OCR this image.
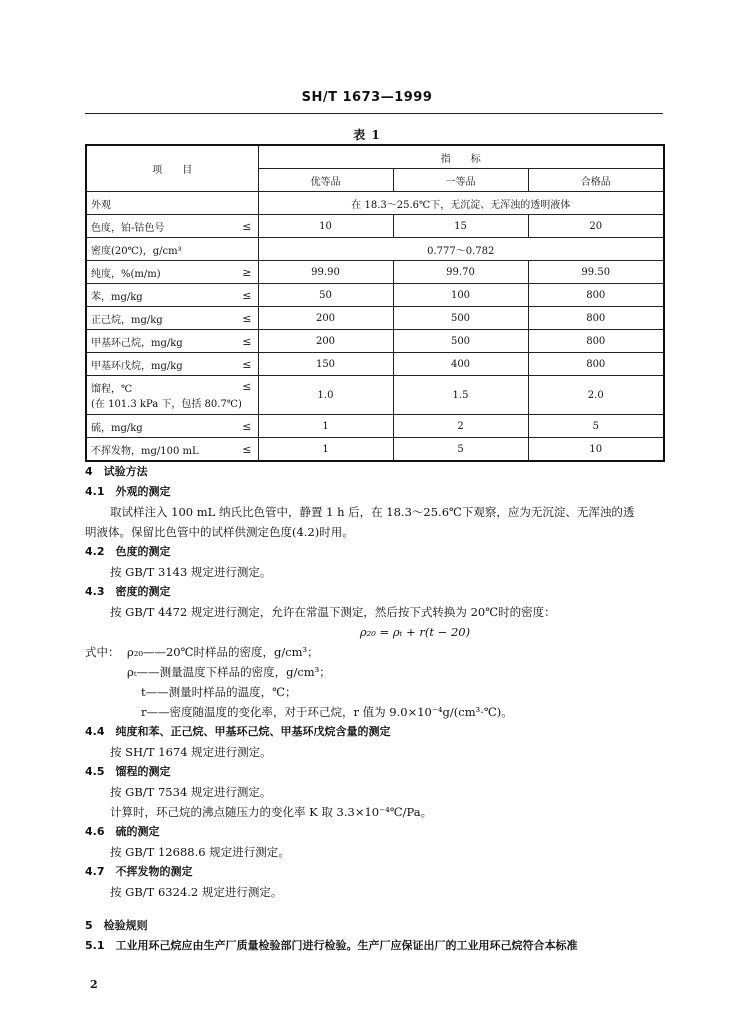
SH/T 1673—1999
表 1
项　　目	指　　标		
	优等品	一等品	合格品
外观	在 18.3～25.6℃下，无沉淀、无浑浊的透明液体		

色度，铂-钴色号 ≤	10	15	20
密度(20℃)，g/cm³	0.777～0.782		

纯度，%(m/m) ≥	99.90	99.70	99.50

苯，mg/kg ≤	50	100	800

正己烷，mg/kg ≤	200	500	800

甲基环己烷，mg/kg ≤	200	500	800

甲基环戊烷，mg/kg ≤	150	400	800

馏程，℃ ≤
(在 101.3 kPa 下，包括 80.7℃)	1.0	1.5	2.0

硫，mg/kg ≤	1	2	5

不挥发物，mg/100 mL ≤	1	5	10

4　试验方法

4.1　外观的测定

取试样注入 100 mL 纳氏比色管中，静置 1 h 后，在 18.3～25.6℃下观察，应为无沉淀、无浑浊的透

明液体。保留比色管中的试样供测定色度(4.2)时用。

4.2　色度的测定

按 GB/T 3143 规定进行测定。

4.3　密度的测定

按 GB/T 4472 规定进行测定，允许在常温下测定，然后按下式转换为 20℃时的密度：

ρ₂₀ = ρₜ + r(t − 20)

式中： ρ₂₀——20℃时样品的密度，g/cm³；
ρₜ——测量温度下样品的密度，g/cm³；
t——测量时样品的温度，℃；
r——密度随温度的变化率，对于环己烷，r 值为 9.0×10⁻⁴g/(cm³·℃)。

4.4　纯度和苯、正己烷、甲基环己烷、甲基环戊烷含量的测定

按 SH/T 1674 规定进行测定。

4.5　馏程的测定

按 GB/T 7534 规定进行测定。

计算时，环己烷的沸点随压力的变化率 K 取 3.3×10⁻⁴℃/Pa。

4.6　硫的测定

按 GB/T 12688.6 规定进行测定。

4.7　不挥发物的测定

按 GB/T 6324.2 规定进行测定。

5　检验规则

5.1　工业用环己烷应由生产厂质量检验部门进行检验。生产厂应保证出厂的工业用环己烷符合本标准

2
